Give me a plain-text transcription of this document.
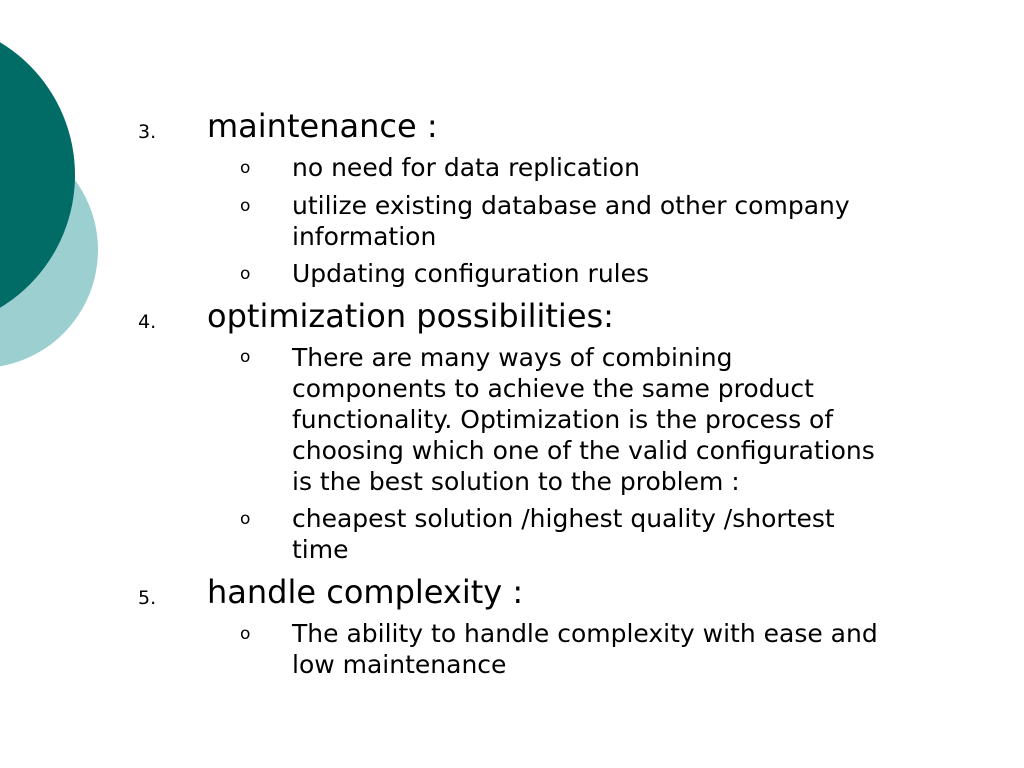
3. maintenance :
o no need for data replication
o utilize existing database and other company
information
o Updating configuration rules
4. optimization possibilities:
o There are many ways of combining
components to achieve the same product
functionality. Optimization is the process of
choosing which one of the valid configurations
is the best solution to the problem :
o cheapest solution /highest quality /shortest
time
5. handle complexity :
o The ability to handle complexity with ease and
low maintenance
